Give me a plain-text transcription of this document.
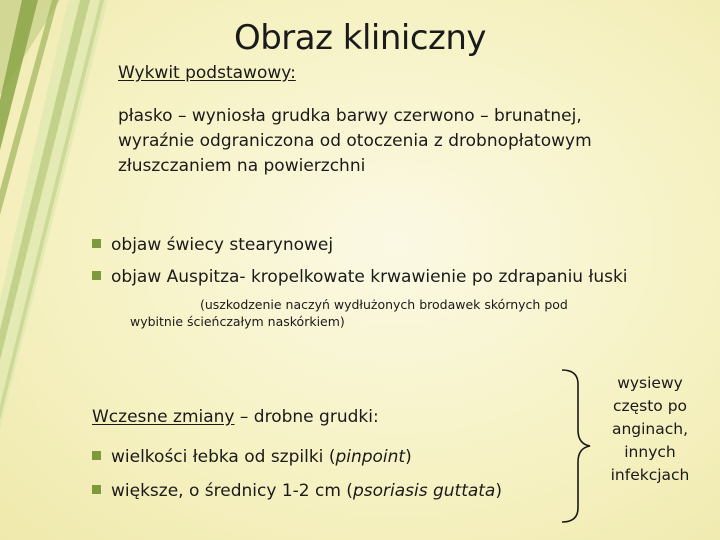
Obraz kliniczny
Wykwit podstawowy:
płasko – wyniosła grudka barwy czerwono – brunatnej,
wyraźnie odgraniczona od otoczenia z drobnopłatowym
złuszczaniem na powierzchni
objaw świecy stearynowej
objaw Auspitza- kropelkowate krwawienie po zdrapaniu łuski
(uszkodzenie naczyń wydłużonych brodawek skórnych pod
wybitnie ścieńczałym naskórkiem)
Wczesne zmiany – drobne grudki:
wielkości łebka od szpilki (pinpoint)
większe, o średnicy 1-2 cm (psoriasis guttata)
wysiewy
często po
anginach,
innych
infekcjach
